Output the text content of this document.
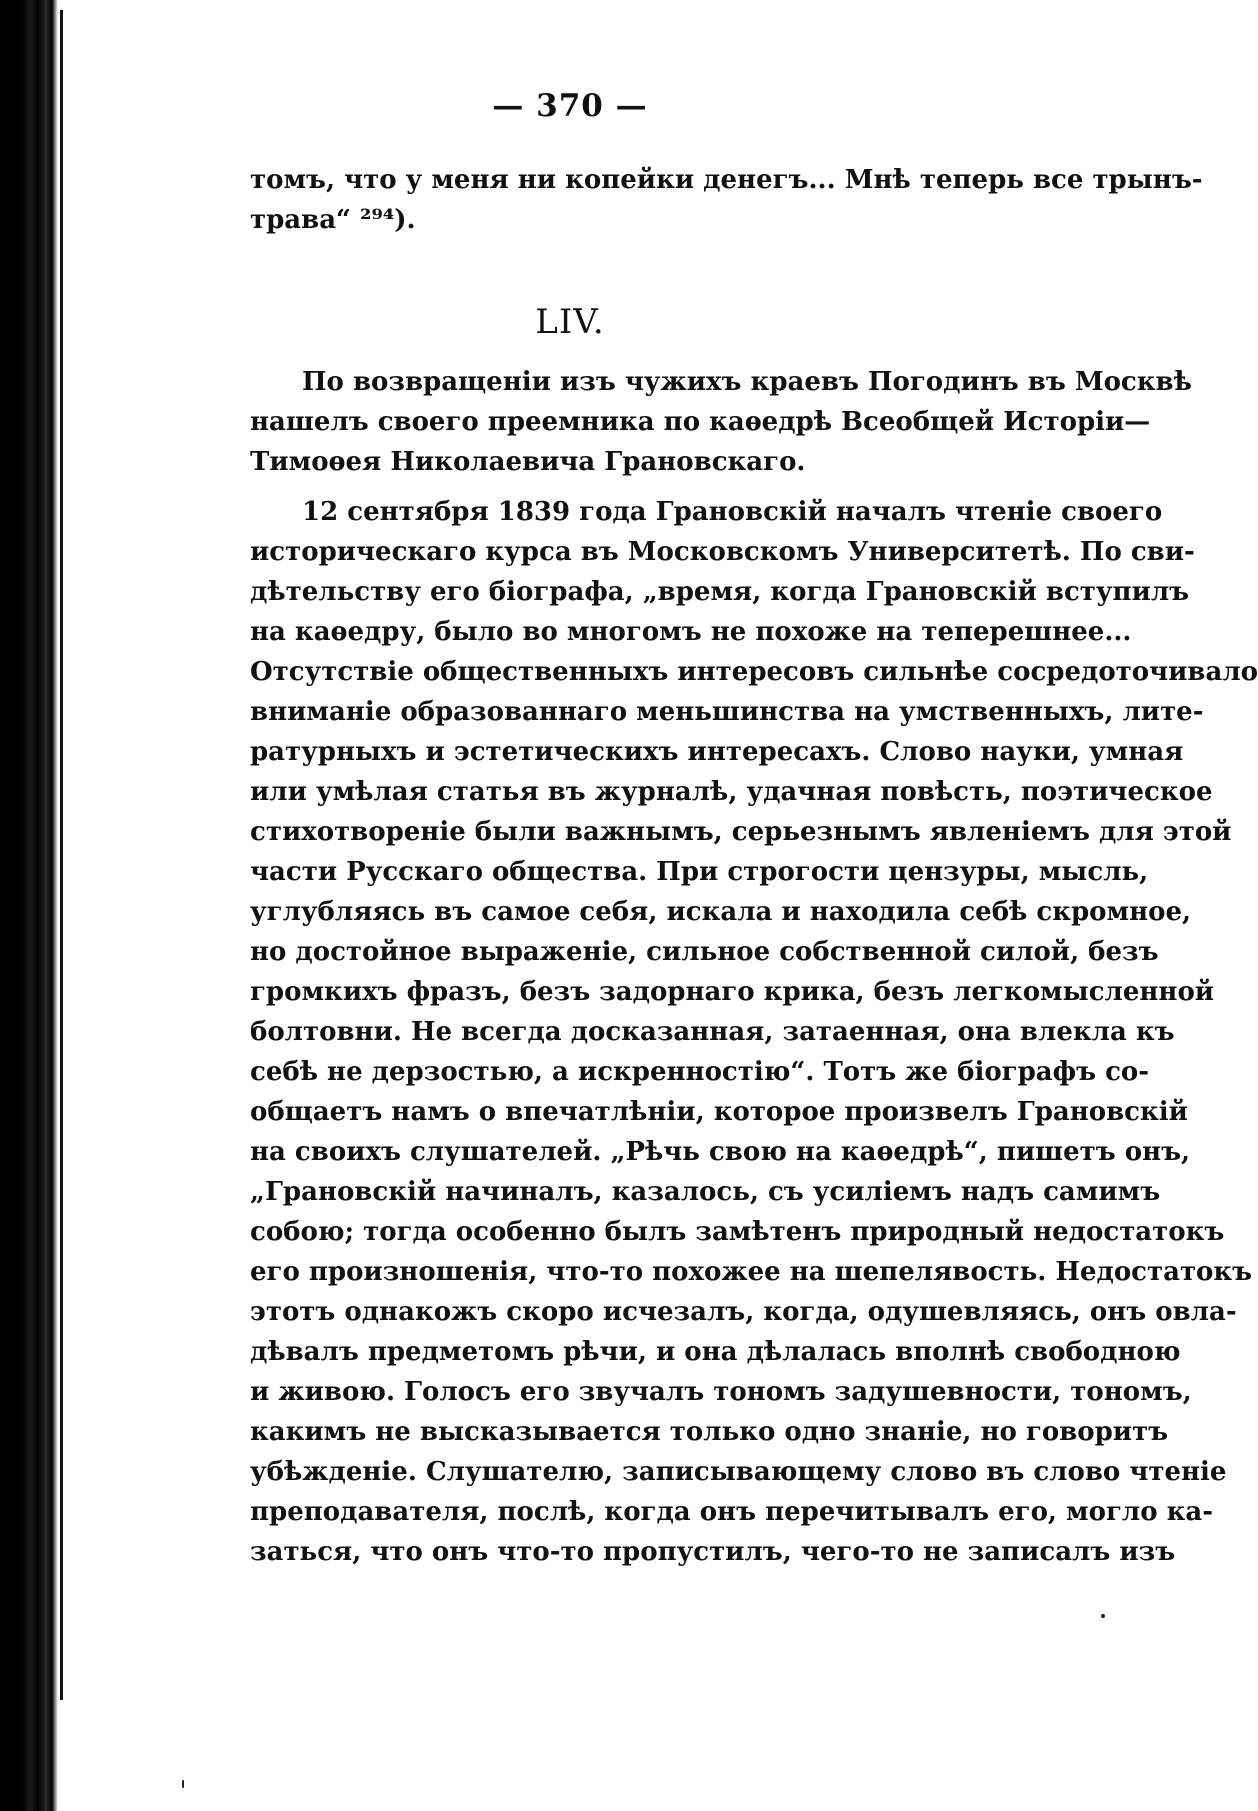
— 370 —
томъ, что у меня ни копейки денегъ... Мнѣ теперь все трынъ-
трава“ ²⁹⁴).
LIV.
По возвращеніи изъ чужихъ краевъ Погодинъ въ Москвѣ
нашелъ своего преемника по каѳедрѣ Всеобщей Исторіи—
Тимоѳея Николаевича Грановскаго.
12 сентября 1839 года Грановскій началъ чтеніе своего
историческаго курса въ Московскомъ Университетѣ. По сви-
дѣтельству его біографа, „время, когда Грановскій вступилъ
на каѳедру, было во многомъ не похоже на теперешнее...
Отсутствіе общественныхъ интересовъ сильнѣе сосредоточивало
вниманіе образованнаго меньшинства на умственныхъ, лите-
ратурныхъ и эстетическихъ интересахъ. Слово науки, умная
или умѣлая статья въ журналѣ, удачная повѣсть, поэтическое
стихотвореніе были важнымъ, серьезнымъ явленіемъ для этой
части Русскаго общества. При строгости цензуры, мысль,
углубляясь въ самое себя, искала и находила себѣ скромное,
но достойное выраженіе, сильное собственной силой, безъ
громкихъ фразъ, безъ задорнаго крика, безъ легкомысленной
болтовни. Не всегда досказанная, затаенная, она влекла къ
себѣ не дерзостью, а искренностію“. Тотъ же біографъ со-
общаетъ намъ о впечатлѣніи, которое произвелъ Грановскій
на своихъ слушателей. „Рѣчь свою на каѳедрѣ“, пишетъ онъ,
„Грановскій начиналъ, казалось, съ усиліемъ надъ самимъ
собою; тогда особенно былъ замѣтенъ природный недостатокъ
его произношенія, что-то похожее на шепелявость. Недостатокъ
этотъ однакожъ скоро исчезалъ, когда, одушевляясь, онъ овла-
дѣвалъ предметомъ рѣчи, и она дѣлалась вполнѣ свободною
и живою. Голосъ его звучалъ тономъ задушевности, тономъ,
какимъ не высказывается только одно знаніе, но говоритъ
убѣжденіе. Слушателю, записывающему слово въ слово чтеніе
преподавателя, послѣ, когда онъ перечитывалъ его, могло ка-
заться, что онъ что-то пропустилъ, чего-то не записалъ изъ
